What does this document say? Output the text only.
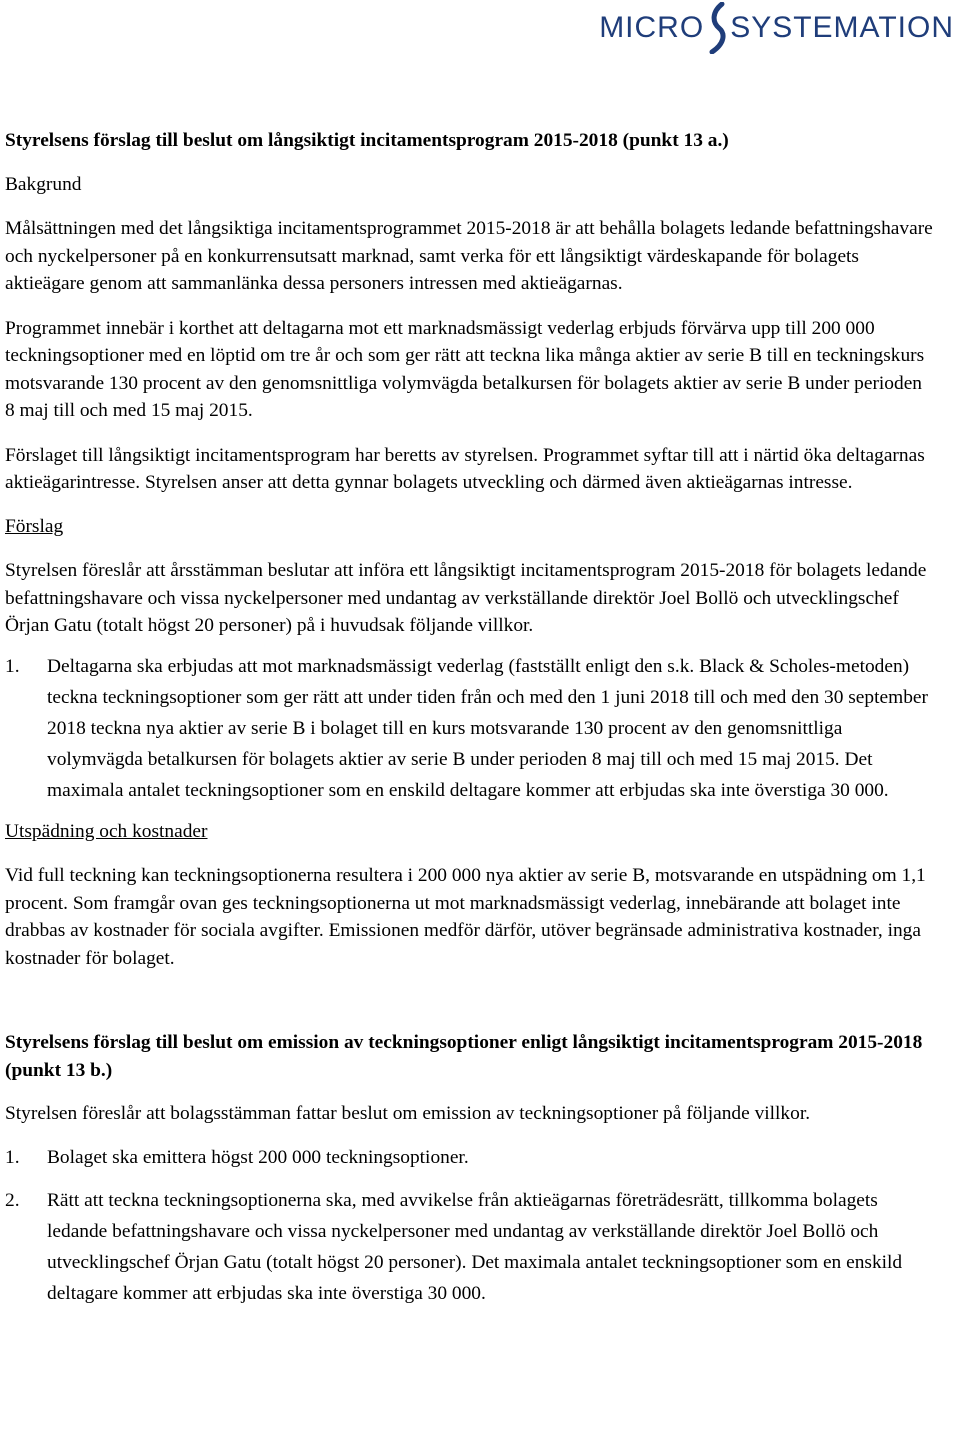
MICRO SYSTEMATION

Styrelsens förslag till beslut om långsiktigt incitamentsprogram 2015-2018 (punkt 13 a.)

Bakgrund

Målsättningen med det långsiktiga incitamentsprogrammet 2015-2018 är att behålla bolagets ledande befattningshavare och nyckelpersoner på en konkurrensutsatt marknad, samt verka för ett långsiktigt värdeskapande för bolagets aktieägare genom att sammanlänka dessa personers intressen med aktieägarnas.

Programmet innebär i korthet att deltagarna mot ett marknadsmässigt vederlag erbjuds förvärva upp till 200 000 teckningsoptioner med en löptid om tre år och som ger rätt att teckna lika många aktier av serie B till en teckningskurs motsvarande 130 procent av den genomsnittliga volymvägda betalkursen för bolagets aktier av serie B under perioden 8 maj till och med 15 maj 2015.

Förslaget till långsiktigt incitamentsprogram har beretts av styrelsen. Programmet syftar till att i närtid öka deltagarnas aktieägarintresse. Styrelsen anser att detta gynnar bolagets utveckling och därmed även aktieägarnas intresse.

Förslag

Styrelsen föreslår att årsstämman beslutar att införa ett långsiktigt incitamentsprogram 2015-2018 för bolagets ledande befattningshavare och vissa nyckelpersoner med undantag av verkställande direktör Joel Bollö och utvecklingschef Örjan Gatu (totalt högst 20 personer) på i huvudsak följande villkor.

1. Deltagarna ska erbjudas att mot marknadsmässigt vederlag (fastställt enligt den s.k. Black & Scholes-metoden) teckna teckningsoptioner som ger rätt att under tiden från och med den 1 juni 2018 till och med den 30 september 2018 teckna nya aktier av serie B i bolaget till en kurs motsvarande 130 procent av den genomsnittliga volymvägda betalkursen för bolagets aktier av serie B under perioden 8 maj till och med 15 maj 2015. Det maximala antalet teckningsoptioner som en enskild deltagare kommer att erbjudas ska inte överstiga 30 000.

Utspädning och kostnader

Vid full teckning kan teckningsoptionerna resultera i 200 000 nya aktier av serie B, motsvarande en utspädning om 1,1 procent. Som framgår ovan ges teckningsoptionerna ut mot marknadsmässigt vederlag, innebärande att bolaget inte drabbas av kostnader för sociala avgifter. Emissionen medför därför, utöver begränsade administrativa kostnader, inga kostnader för bolaget.

Styrelsens förslag till beslut om emission av teckningsoptioner enligt långsiktigt incitamentsprogram 2015-2018 (punkt 13 b.)

Styrelsen föreslår att bolagsstämman fattar beslut om emission av teckningsoptioner på följande villkor.

1. Bolaget ska emittera högst 200 000 teckningsoptioner.
2. Rätt att teckna teckningsoptionerna ska, med avvikelse från aktieägarnas företrädesrätt, tillkomma bolagets ledande befattningshavare och vissa nyckelpersoner med undantag av verkställande direktör Joel Bollö och utvecklingschef Örjan Gatu (totalt högst 20 personer). Det maximala antalet teckningsoptioner som en enskild deltagare kommer att erbjudas ska inte överstiga 30 000.
